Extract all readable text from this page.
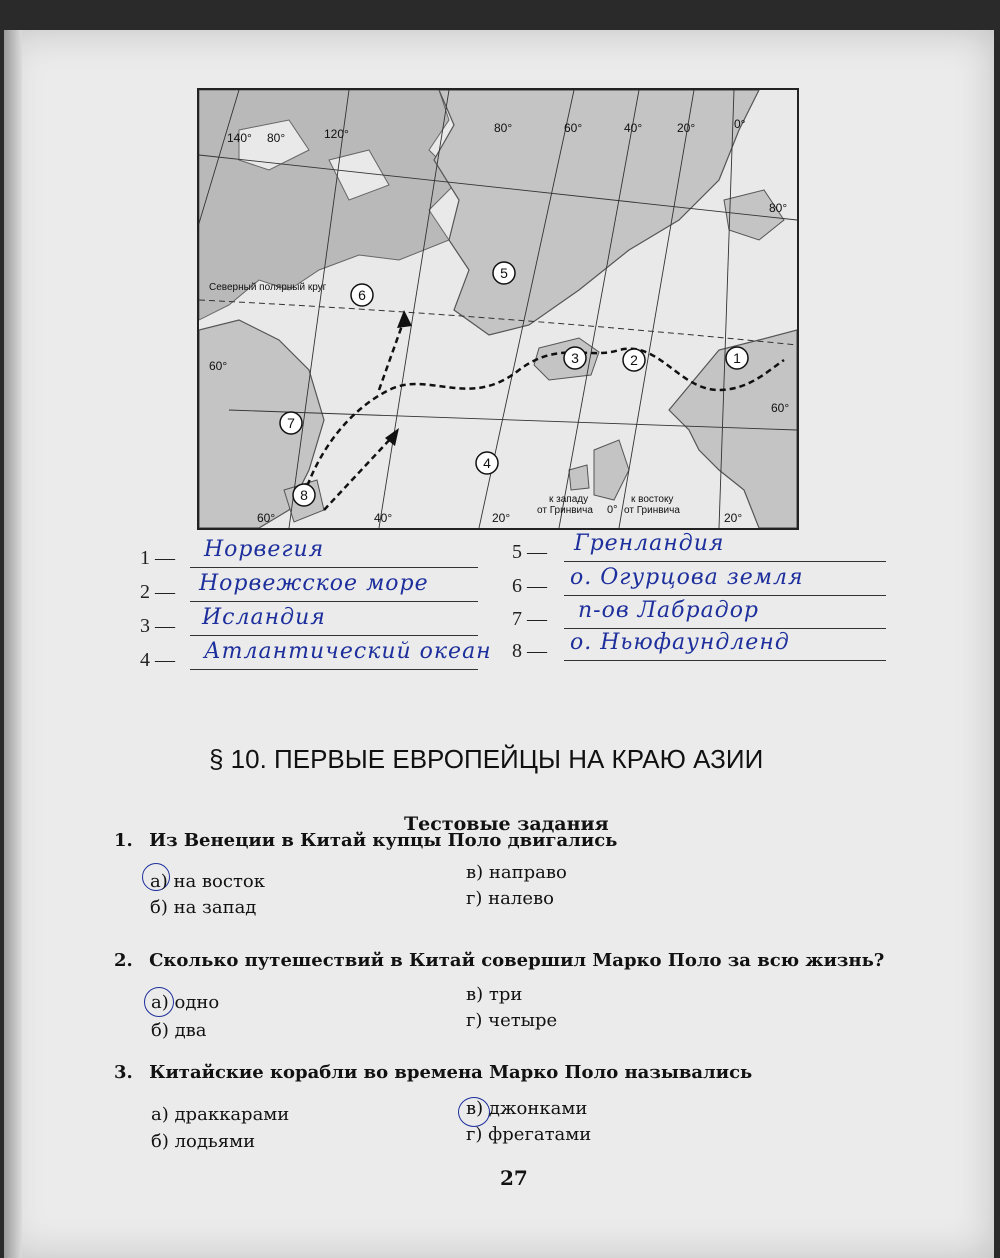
140° 80°	120°	80°	60°	40°	20°	0°
60°	40°	20°	20°
80°
60°
60°
Северный полярный круг
к западу от Гринвича 0°
к востоку от Гринвича
1
2
3
4
5
6
7
8
1 — Норвегия
2 — Норвежское море
3 — Исландия
4 — Атлантический океан
5 — Гренландия
6 — о. Огурцова земля
7 — п-ов Лабрадор
8 — о. Ньюфаундленд
§ 10. ПЕРВЫЕ ЕВРОПЕЙЦЫ НА КРАЮ АЗИИ
Тестовые задания
1. Из Венеции в Китай купцы Поло двигались
а) на восток
б) на запад
в) направо
г) налево
2. Сколько путешествий в Китай совершил Марко Поло за всю жизнь?
а) одно
б) два
в) три
г) четыре
3. Китайские корабли во времена Марко Поло назывались
а) драккарами
б) лодьями
в) джонками
г) фрегатами
27
